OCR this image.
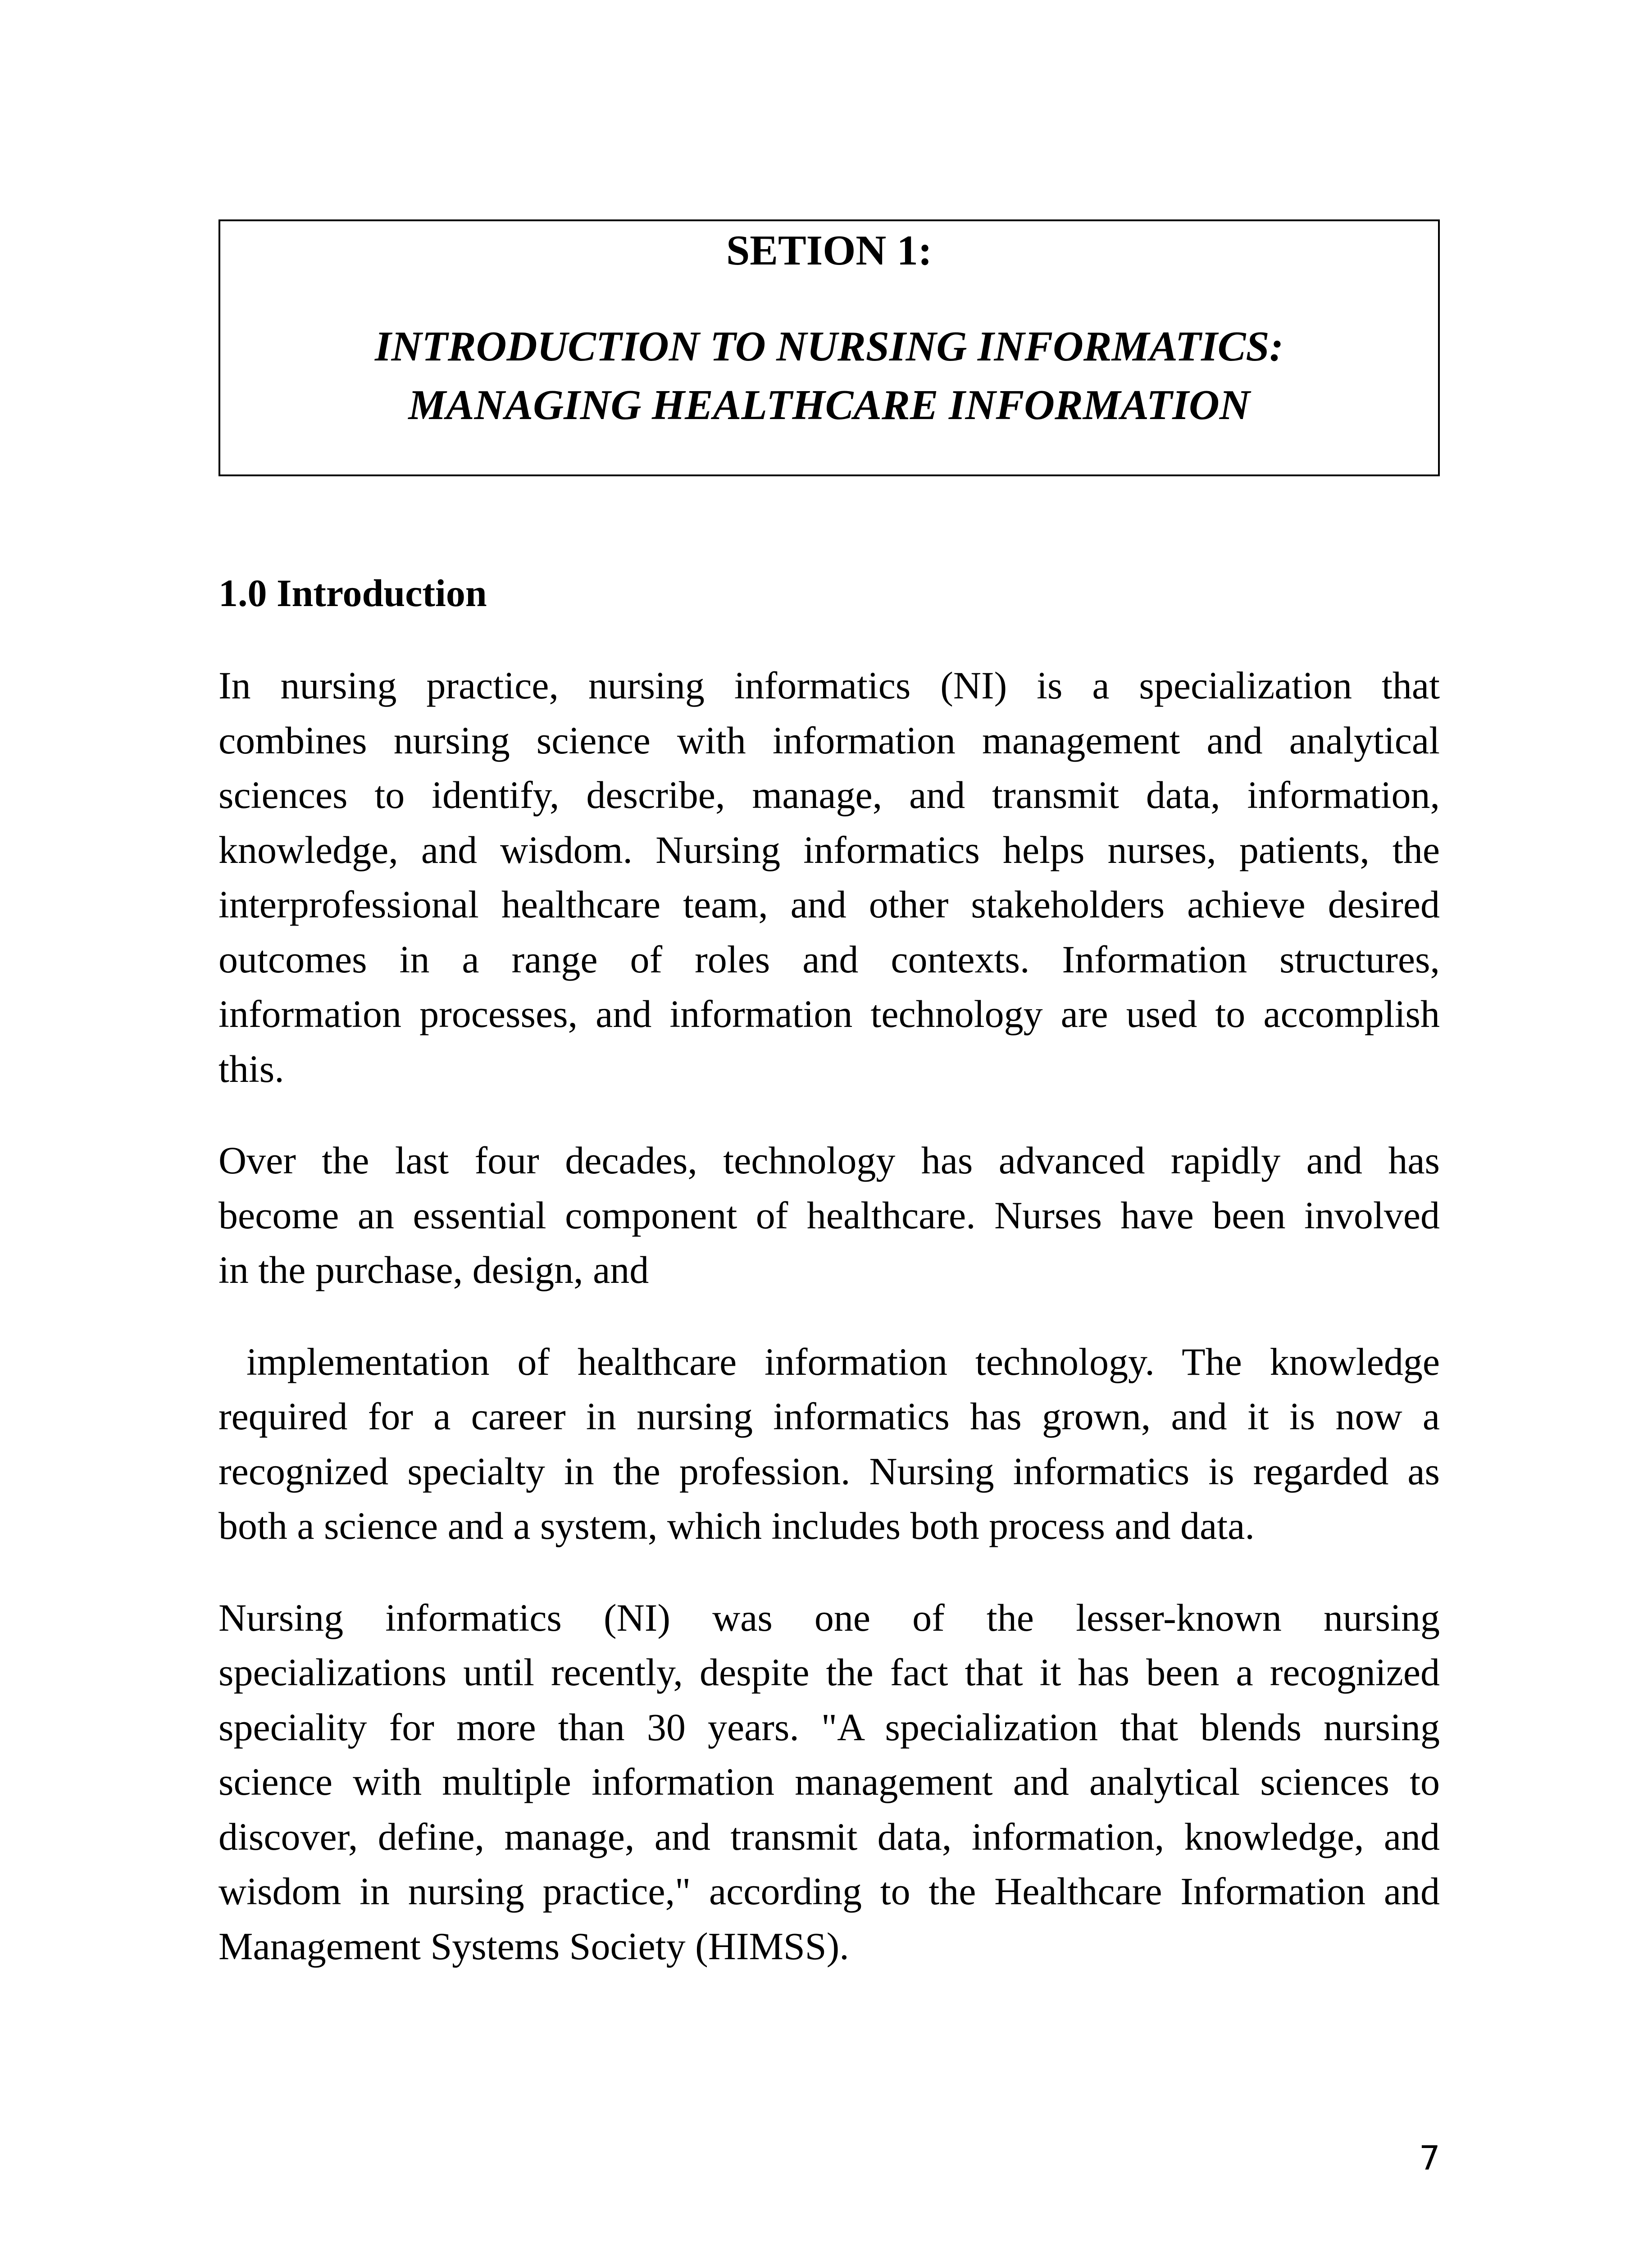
SETION 1:
INTRODUCTION TO NURSING INFORMATICS:
MANAGING HEALTHCARE INFORMATION
1.0 Introduction
In nursing practice, nursing informatics (NI) is a specialization that
combines nursing science with information management and analytical
sciences to identify, describe, manage, and transmit data, information,
knowledge, and wisdom. Nursing informatics helps nurses, patients, the
interprofessional healthcare team, and other stakeholders achieve desired
outcomes in a range of roles and contexts. Information structures,
information processes, and information technology are used to accomplish
this.
Over the last four decades, technology has advanced rapidly and has
become an essential component of healthcare. Nurses have been involved
in the purchase, design, and
implementation of healthcare information technology. The knowledge
required for a career in nursing informatics has grown, and it is now a
recognized specialty in the profession. Nursing informatics is regarded as
both a science and a system, which includes both process and data.
Nursing informatics (NI) was one of the lesser-known nursing
specializations until recently, despite the fact that it has been a recognized
speciality for more than 30 years. "A specialization that blends nursing
science with multiple information management and analytical sciences to
discover, define, manage, and transmit data, information, knowledge, and
wisdom in nursing practice," according to the Healthcare Information and
Management Systems Society (HIMSS).
7
